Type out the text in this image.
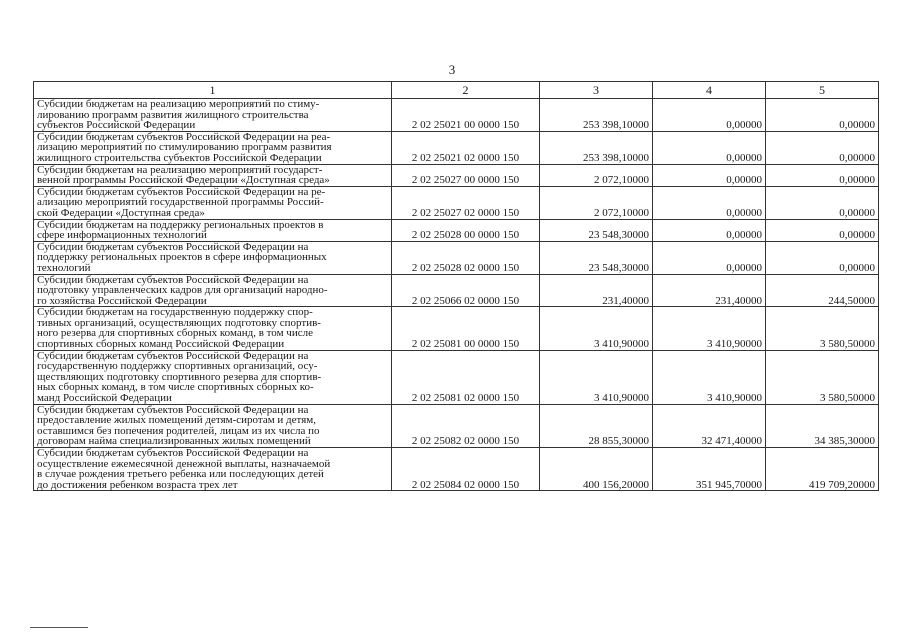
3
1	2	3	4	5
Субсидии бюджетам на реализацию мероприятий по стиму-
лированию программ развития жилищного строительства
субъектов Российской Федерации	2 02 25021 00 0000 150	253 398,10000	0,00000	0,00000
Субсидии бюджетам субъектов Российской Федерации на реа-
лизацию мероприятий по стимулированию программ развития
жилищного строительства субъектов Российской Федерации	2 02 25021 02 0000 150	253 398,10000	0,00000	0,00000
Субсидии бюджетам на реализацию мероприятий государст-
венной программы Российской Федерации «Доступная среда»	2 02 25027 00 0000 150	2 072,10000	0,00000	0,00000
Субсидии бюджетам субъектов Российской Федерации на ре-
ализацию мероприятий государственной программы Россий-
ской Федерации «Доступная среда»	2 02 25027 02 0000 150	2 072,10000	0,00000	0,00000
Субсидии бюджетам на поддержку региональных проектов в
сфере информационных технологий	2 02 25028 00 0000 150	23 548,30000	0,00000	0,00000
Субсидии бюджетам субъектов Российской Федерации на
поддержку региональных проектов в сфере информационных
технологий	2 02 25028 02 0000 150	23 548,30000	0,00000	0,00000
Субсидии бюджетам субъектов Российской Федерации на
подготовку управленческих кадров для организаций народно-
го хозяйства Российской Федерации	2 02 25066 02 0000 150	231,40000	231,40000	244,50000
Субсидии бюджетам на государственную поддержку спор-
тивных организаций, осуществляющих подготовку спортив-
ного резерва для спортивных сборных команд, в том числе
спортивных сборных команд Российской Федерации	2 02 25081 00 0000 150	3 410,90000	3 410,90000	3 580,50000
Субсидии бюджетам субъектов Российской Федерации на
государственную поддержку спортивных организаций, осу-
ществляющих подготовку спортивного резерва для спортив-
ных сборных команд, в том числе спортивных сборных ко-
манд Российской Федерации	2 02 25081 02 0000 150	3 410,90000	3 410,90000	3 580,50000
Субсидии бюджетам субъектов Российской Федерации на
предоставление жилых помещений детям-сиротам и детям,
оставшимся без попечения родителей, лицам из их числа по
договорам найма специализированных жилых помещений	2 02 25082 02 0000 150	28 855,30000	32 471,40000	34 385,30000
Субсидии бюджетам субъектов Российской Федерации на
осуществление ежемесячной денежной выплаты, назначаемой
в случае рождения третьего ребенка или последующих детей
до достижения ребенком возраста трех лет	2 02 25084 02 0000 150	400 156,20000	351 945,70000	419 709,20000
